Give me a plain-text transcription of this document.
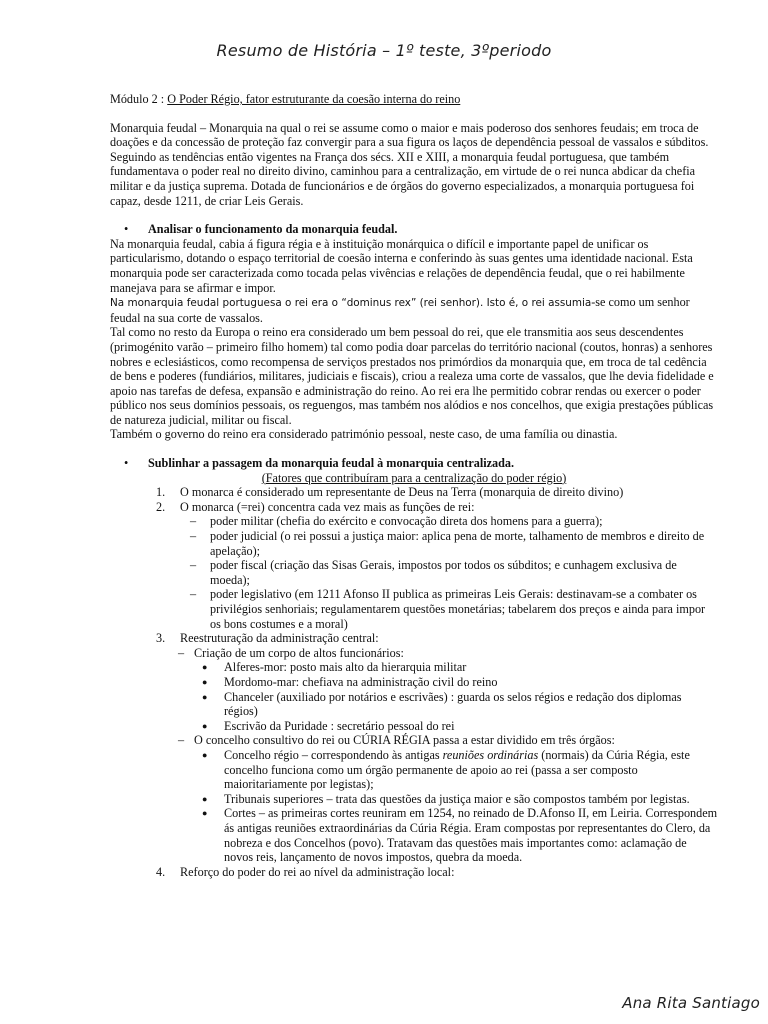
Resumo de História – 1º teste, 3ºperiodo

Módulo 2 : O Poder Régio, fator estruturante da coesão interna do reino

Monarquia feudal – Monarquia na qual o rei se assume como o maior e mais poderoso dos senhores feudais; em troca de doações e da concessão de proteção faz convergir para a sua figura os laços de dependência pessoal de vassalos e súbditos. Seguindo as tendências então vigentes na França dos sécs. XII e XIII, a monarquia feudal portuguesa, que também fundamentava o poder real no direito divino, caminhou para a centralização, em virtude de o rei nunca abdicar da chefia militar e da justiça suprema. Dotada de funcionários e de órgãos do governo especializados, a monarquia portuguesa foi capaz, desde 1211, de criar Leis Gerais.

• Analisar o funcionamento da monarquia feudal.

Na monarquia feudal, cabia á figura régia e à instituição monárquica o difícil e importante papel de unificar os particularismo, dotando o espaço territorial de coesão interna e conferindo às suas gentes uma identidade nacional. Esta monarquia pode ser caracterizada como tocada pelas vivências e relações de dependência feudal, que o rei habilmente manejava para se afirmar e impor.

Na monarquia feudal portuguesa o rei era o “dominus rex” (rei senhor). Isto é, o rei assumia-se como um senhor feudal na sua corte de vassalos.

Tal como no resto da Europa o reino era considerado um bem pessoal do rei, que ele transmitia aos seus descendentes (primogénito varão – primeiro filho homem) tal como podia doar parcelas do território nacional (coutos, honras) a senhores nobres e eclesiásticos, como recompensa de serviços prestados nos primórdios da monarquia que, em troca de tal cedência de bens e poderes (fundiários, militares, judiciais e fiscais), criou a realeza uma corte de vassalos, que lhe devia fidelidade e apoio nas tarefas de defesa, expansão e administração do reino. Ao rei era lhe permitido cobrar rendas ou exercer o poder público nos seus domínios pessoais, os reguengos, mas também nos alódios e nos concelhos, que exigia prestações públicas de natureza judicial, militar ou fiscal.

Também o governo do reino era considerado património pessoal, neste caso, de uma família ou dinastia.

• Sublinhar a passagem da monarquia feudal à monarquia centralizada.

(Fatores que contribuíram para a centralização do poder régio)

1. O monarca é considerado um representante de Deus na Terra (monarquia de direito divino)
2. O monarca (=rei) concentra cada vez mais as funções de rei:
– poder militar (chefia do exército e convocação direta dos homens para a guerra);
– poder judicial (o rei possui a justiça maior: aplica pena de morte, talhamento de membros e direito de apelação);
– poder fiscal (criação das Sisas Gerais, impostos por todos os súbditos; e cunhagem exclusiva de moeda);
– poder legislativo (em 1211 Afonso II publica as primeiras Leis Gerais: destinavam-se a combater os privilégios senhoriais; regulamentarem questões monetárias; tabelarem dos preços e ainda para impor os bons costumes e a moral)
3. Reestruturação da administração central:
– Criação de um corpo de altos funcionários:
● Alferes-mor: posto mais alto da hierarquia militar
● Mordomo-mar: chefiava na administração civil do reino
● Chanceler (auxiliado por notários e escrivães) : guarda os selos régios e redação dos diplomas régios)
● Escrivão da Puridade : secretário pessoal do rei
– O concelho consultivo do rei ou CÚRIA RÉGIA passa a estar dividido em três órgãos:
● Concelho régio – correspondendo às antigas reuniões ordinárias (normais) da Cúria Régia, este concelho funciona como um órgão permanente de apoio ao rei (passa a ser composto maioritariamente por legistas);
● Tribunais superiores – trata das questões da justiça maior e são compostos também por legistas.
● Cortes – as primeiras cortes reuniram em 1254, no reinado de D.Afonso II, em Leiria. Correspondem ás antigas reuniões extraordinárias da Cúria Régia. Eram compostas por representantes do Clero, da nobreza e dos Concelhos (povo). Tratavam das questões mais importantes como: aclamação de novos reis, lançamento de novos impostos, quebra da moeda.
4. Reforço do poder do rei ao nível da administração local:
Ana Rita Santiago
